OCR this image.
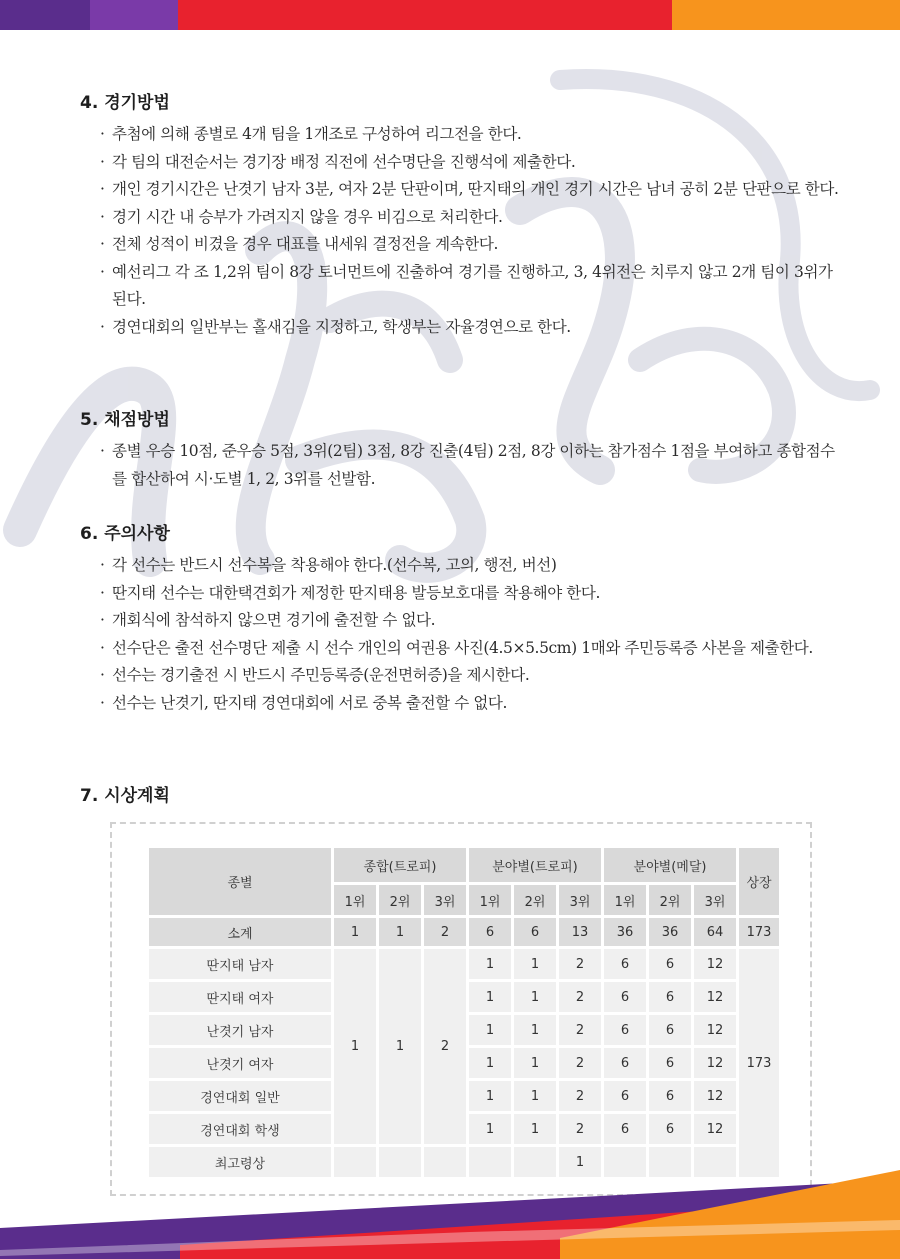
4. 경기방법
· 추첨에 의해 종별로 4개 팀을 1개조로 구성하여 리그전을 한다.
· 각 팀의 대전순서는 경기장 배정 직전에 선수명단을 진행석에 제출한다.
· 개인 경기시간은 난겻기 남자 3분, 여자 2분 단판이며, 딴지태의 개인 경기 시간은 남녀 공히 2분 단판으로 한다.
· 경기 시간 내 승부가 가려지지 않을 경우 비김으로 처리한다.
· 전체 성적이 비겼을 경우 대표를 내세워 결정전을 계속한다.
· 예선리그 각 조 1,2위 팀이 8강 토너먼트에 진출하여 경기를 진행하고, 3, 4위전은 치루지 않고 2개 팀이 3위가 된다.
· 경연대회의 일반부는 홀새김을 지정하고, 학생부는 자율경연으로 한다.
5. 채점방법
· 종별 우승 10점, 준우승 5점, 3위(2팀) 3점, 8강 진출(4팀) 2점, 8강 이하는 참가점수 1점을 부여하고 종합점수를 합산하여 시·도별 1, 2, 3위를 선발함.
6. 주의사항
· 각 선수는 반드시 선수복을 착용해야 한다.(선수복, 고의, 행전, 버선)
· 딴지태 선수는 대한택견회가 제정한 딴지태용 발등보호대를 착용해야 한다.
· 개회식에 참석하지 않으면 경기에 출전할 수 없다.
· 선수단은 출전 선수명단 제출 시 선수 개인의 여권용 사진(4.5×5.5cm) 1매와 주민등록증 사본을 제출한다.
· 선수는 경기출전 시 반드시 주민등록증(운전면허증)을 제시한다.
· 선수는 난겻기, 딴지태 경연대회에 서로 중복 출전할 수 없다.
7. 시상계획
종별	종합(트로피)			분야별(트로피)			분야별(메달)			상장
	1위	2위	3위	1위	2위	3위	1위	2위	3위	
소계	1	1	2	6	6	13	36	36	64	173
딴지태 남자	1	1	2	1	1	2	6	6	12	173
딴지태 여자				1	1	2	6	6	12	
난겻기 남자				1	1	2	6	6	12	
난겻기 여자				1	1	2	6	6	12	
경연대회 일반				1	1	2	6	6	12	
경연대회 학생				1	1	2	6	6	12	
최고령상						1				
